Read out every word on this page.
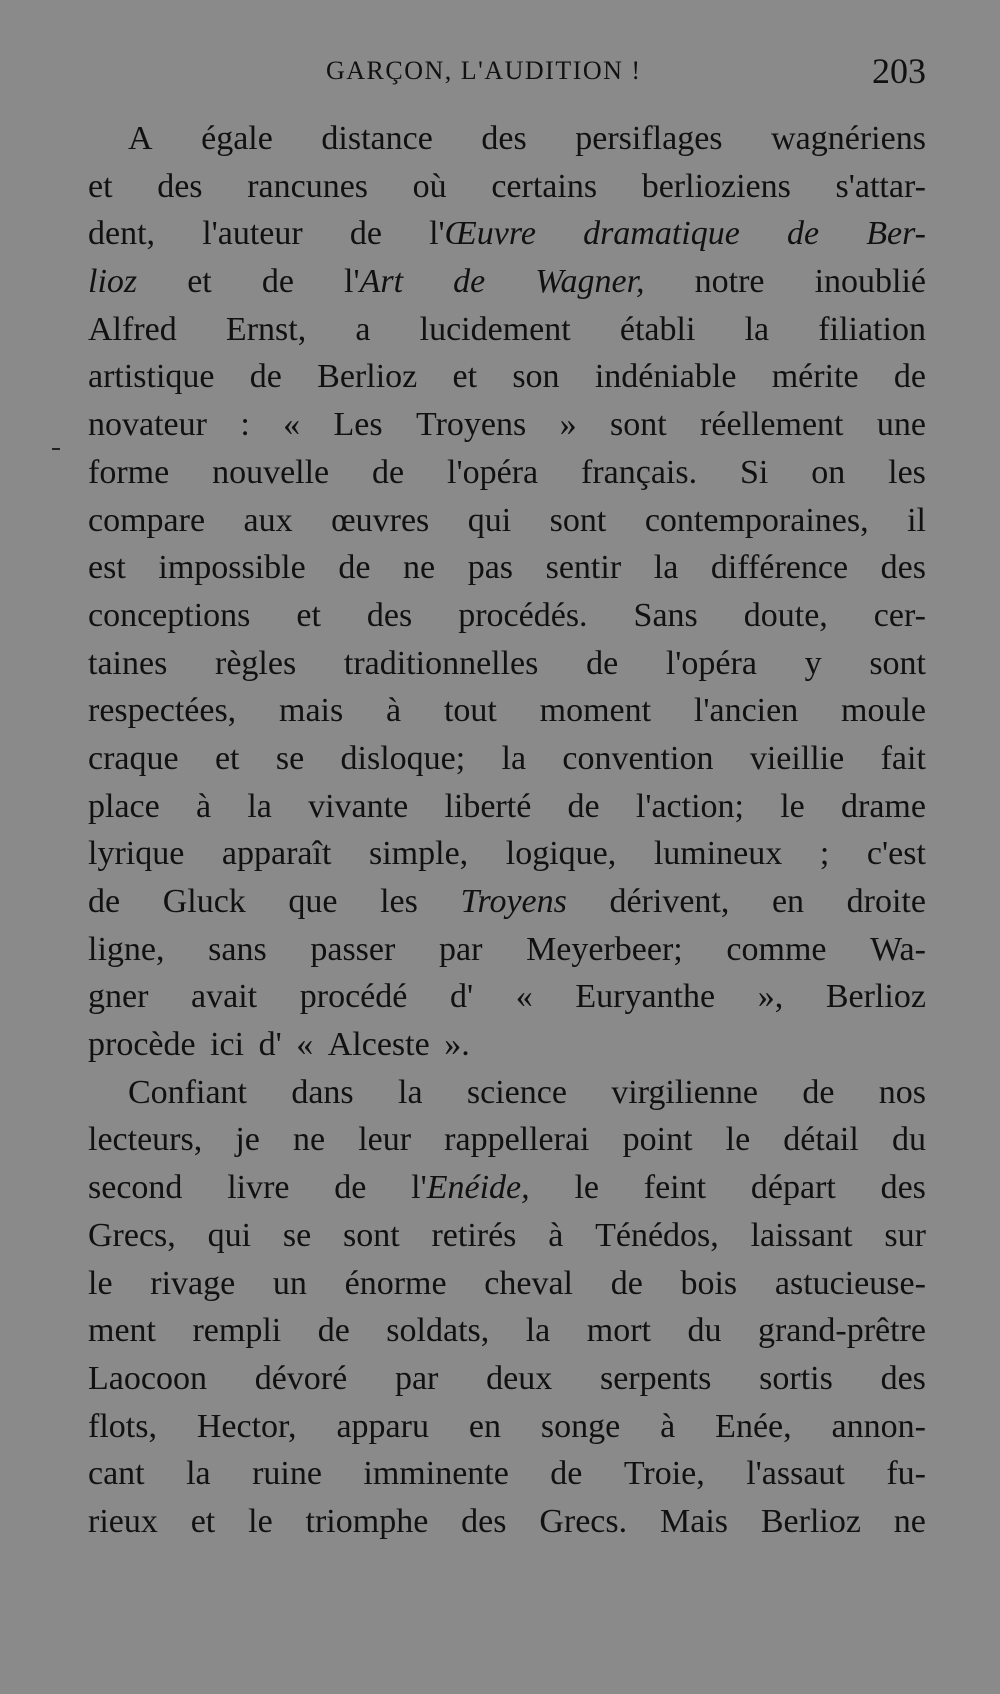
GARÇON, L'AUDITION !	203
A égale distance des persiflages wagnériens
et des rancunes où certains berlioziens s'attar-
dent, l'auteur de l'Œuvre dramatique de Ber-
lioz et de l'Art de Wagner, notre inoublié
Alfred Ernst, a lucidement établi la filiation
artistique de Berlioz et son indéniable mérite de
novateur : « Les Troyens » sont réellement une
forme nouvelle de l'opéra français. Si on les
compare aux œuvres qui sont contemporaines, il
est impossible de ne pas sentir la différence des
conceptions et des procédés. Sans doute, cer-
taines règles traditionnelles de l'opéra y sont
respectées, mais à tout moment l'ancien moule
craque et se disloque; la convention vieillie fait
place à la vivante liberté de l'action; le drame
lyrique apparaît simple, logique, lumineux ; c'est
de Gluck que les Troyens dérivent, en droite
ligne, sans passer par Meyerbeer; comme Wa-
gner avait procédé d' « Euryanthe », Berlioz
procède ici d' « Alceste ».
Confiant dans la science virgilienne de nos
lecteurs, je ne leur rappellerai point le détail du
second livre de l'Enéide, le feint départ des
Grecs, qui se sont retirés à Ténédos, laissant sur
le rivage un énorme cheval de bois astucieuse-
ment rempli de soldats, la mort du grand-prêtre
Laocoon dévoré par deux serpents sortis des
flots, Hector, apparu en songe à Enée, annon-
cant la ruine imminente de Troie, l'assaut fu-
rieux et le triomphe des Grecs. Mais Berlioz ne
